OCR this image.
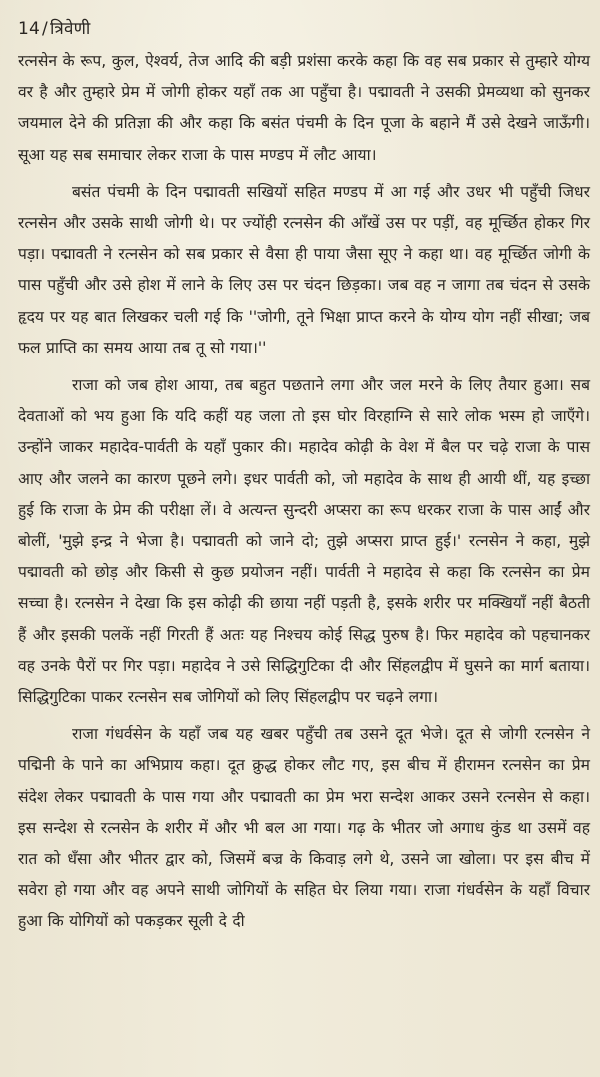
14 / त्रिवेणी

रत्नसेन के रूप, कुल, ऐश्वर्य, तेज आदि की बड़ी प्रशंसा करके कहा कि वह सब प्रकार से तुम्हारे योग्य वर है और तुम्हारे प्रेम में जोगी होकर यहाँ तक आ पहुँचा है। पद्मावती ने उसकी प्रेमव्यथा को सुनकर जयमाल देने की प्रतिज्ञा की और कहा कि बसंत पंचमी के दिन पूजा के बहाने मैं उसे देखने जाऊँगी। सूआ यह सब समाचार लेकर राजा के पास मण्डप में लौट आया।

बसंत पंचमी के दिन पद्मावती सखियों सहित मण्डप में आ गई और उधर भी पहुँची जिधर रत्नसेन और उसके साथी जोगी थे। पर ज्योंही रत्नसेन की आँखें उस पर पड़ीं, वह मूर्च्छित होकर गिर पड़ा। पद्मावती ने रत्नसेन को सब प्रकार से वैसा ही पाया जैसा सूए ने कहा था। वह मूर्च्छित जोगी के पास पहुँची और उसे होश में लाने के लिए उस पर चंदन छिड़का। जब वह न जागा तब चंदन से उसके हृदय पर यह बात लिखकर चली गई कि ''जोगी, तूने भिक्षा प्राप्त करने के योग्य योग नहीं सीखा; जब फल प्राप्ति का समय आया तब तू सो गया।''

राजा को जब होश आया, तब बहुत पछताने लगा और जल मरने के लिए तैयार हुआ। सब देवताओं को भय हुआ कि यदि कहीं यह जला तो इस घोर विरहाग्नि से सारे लोक भस्म हो जाएँगे। उन्होंने जाकर महादेव-पार्वती के यहाँ पुकार की। महादेव कोढ़ी के वेश में बैल पर चढ़े राजा के पास आए और जलने का कारण पूछने लगे। इधर पार्वती को, जो महादेव के साथ ही आयी थीं, यह इच्छा हुई कि राजा के प्रेम की परीक्षा लें। वे अत्यन्त सुन्दरी अप्सरा का रूप धरकर राजा के पास आईं और बोलीं, 'मुझे इन्द्र ने भेजा है। पद्मावती को जाने दो; तुझे अप्सरा प्राप्त हुई।' रत्नसेन ने कहा, मुझे पद्मावती को छोड़ और किसी से कुछ प्रयोजन नहीं। पार्वती ने महादेव से कहा कि रत्नसेन का प्रेम सच्चा है। रत्नसेन ने देखा कि इस कोढ़ी की छाया नहीं पड़ती है, इसके शरीर पर मक्खियाँ नहीं बैठती हैं और इसकी पलकें नहीं गिरती हैं अतः यह निश्चय कोई सिद्ध पुरुष है। फिर महादेव को पहचानकर वह उनके पैरों पर गिर पड़ा। महादेव ने उसे सिद्धिगुटिका दी और सिंहलद्वीप में घुसने का मार्ग बताया। सिद्धिगुटिका पाकर रत्नसेन सब जोगियों को लिए सिंहलद्वीप पर चढ़ने लगा।

राजा गंधर्वसेन के यहाँ जब यह खबर पहुँची तब उसने दूत भेजे। दूत से जोगी रत्नसेन ने पद्मिनी के पाने का अभिप्राय कहा। दूत क्रुद्ध होकर लौट गए, इस बीच में हीरामन रत्नसेन का प्रेम संदेश लेकर पद्मावती के पास गया और पद्मावती का प्रेम भरा सन्देश आकर उसने रत्नसेन से कहा। इस सन्देश से रत्नसेन के शरीर में और भी बल आ गया। गढ़ के भीतर जो अगाध कुंड था उसमें वह रात को धँसा और भीतर द्वार को, जिसमें बज्र के किवाड़ लगे थे, उसने जा खोला। पर इस बीच में सवेरा हो गया और वह अपने साथी जोगियों के सहित घेर लिया गया। राजा गंधर्वसेन के यहाँ विचार हुआ कि योगियों को पकड़कर सूली दे दी
